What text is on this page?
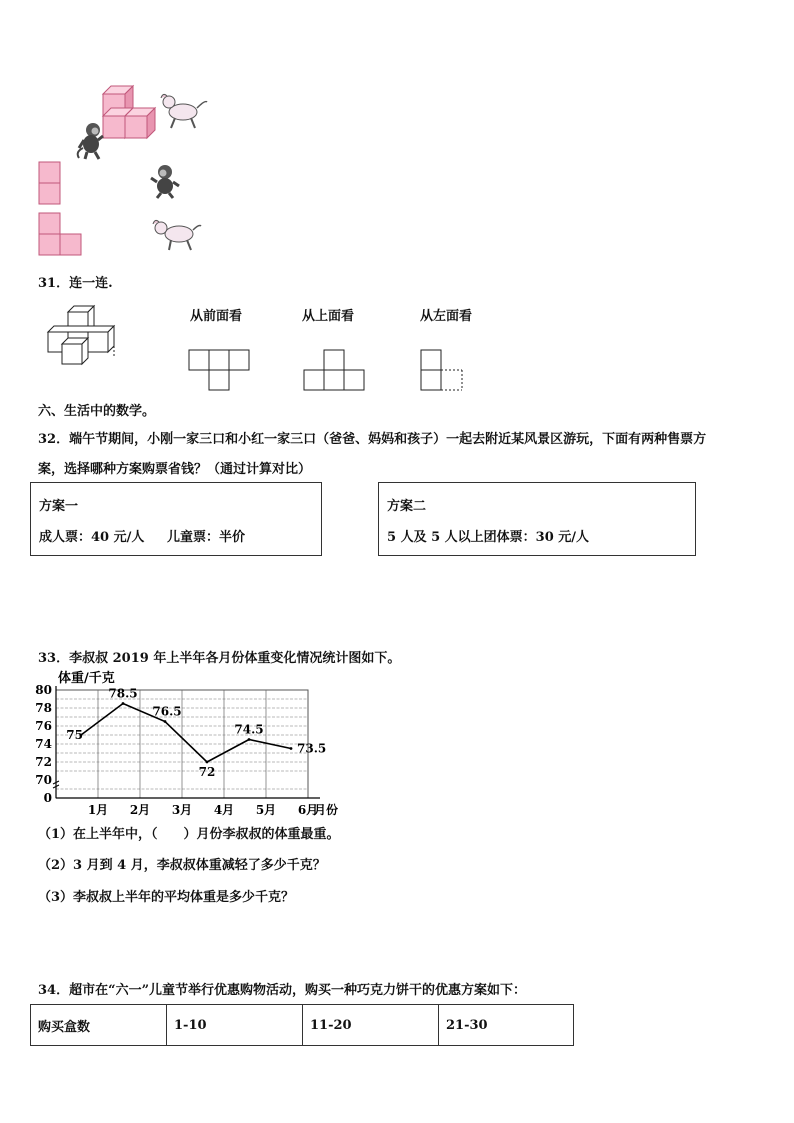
31．连一连.
从前面看	从上面看	从左面看
六、生活中的数学。
32．端午节期间，小刚一家三口和小红一家三口（爸爸、妈妈和孩子）一起去附近某风景区游玩，下面有两种售票方
案，选择哪种方案购票省钱？（通过计算对比）
方案一
成人票：40 元/人 儿童票：半价
方案二
5 人及 5 人以上团体票：30 元/人
33．李叔叔 2019 年上半年各月份体重变化情况统计图如下。
体重/千克
月份
80
78
76
74
72
70
0
1月 2月 3月 4月 5月 6月
75
78.5
76.5
72
74.5
73.5
（1）在上半年中，（　　）月份李叔叔的体重最重。
（2）3 月到 4 月，李叔叔体重减轻了多少千克？
（3）李叔叔上半年的平均体重是多少千克？
34．超市在“六一”儿童节举行优惠购物活动，购买一种巧克力饼干的优惠方案如下：
购买盒数	1-10	11-20	21-30
